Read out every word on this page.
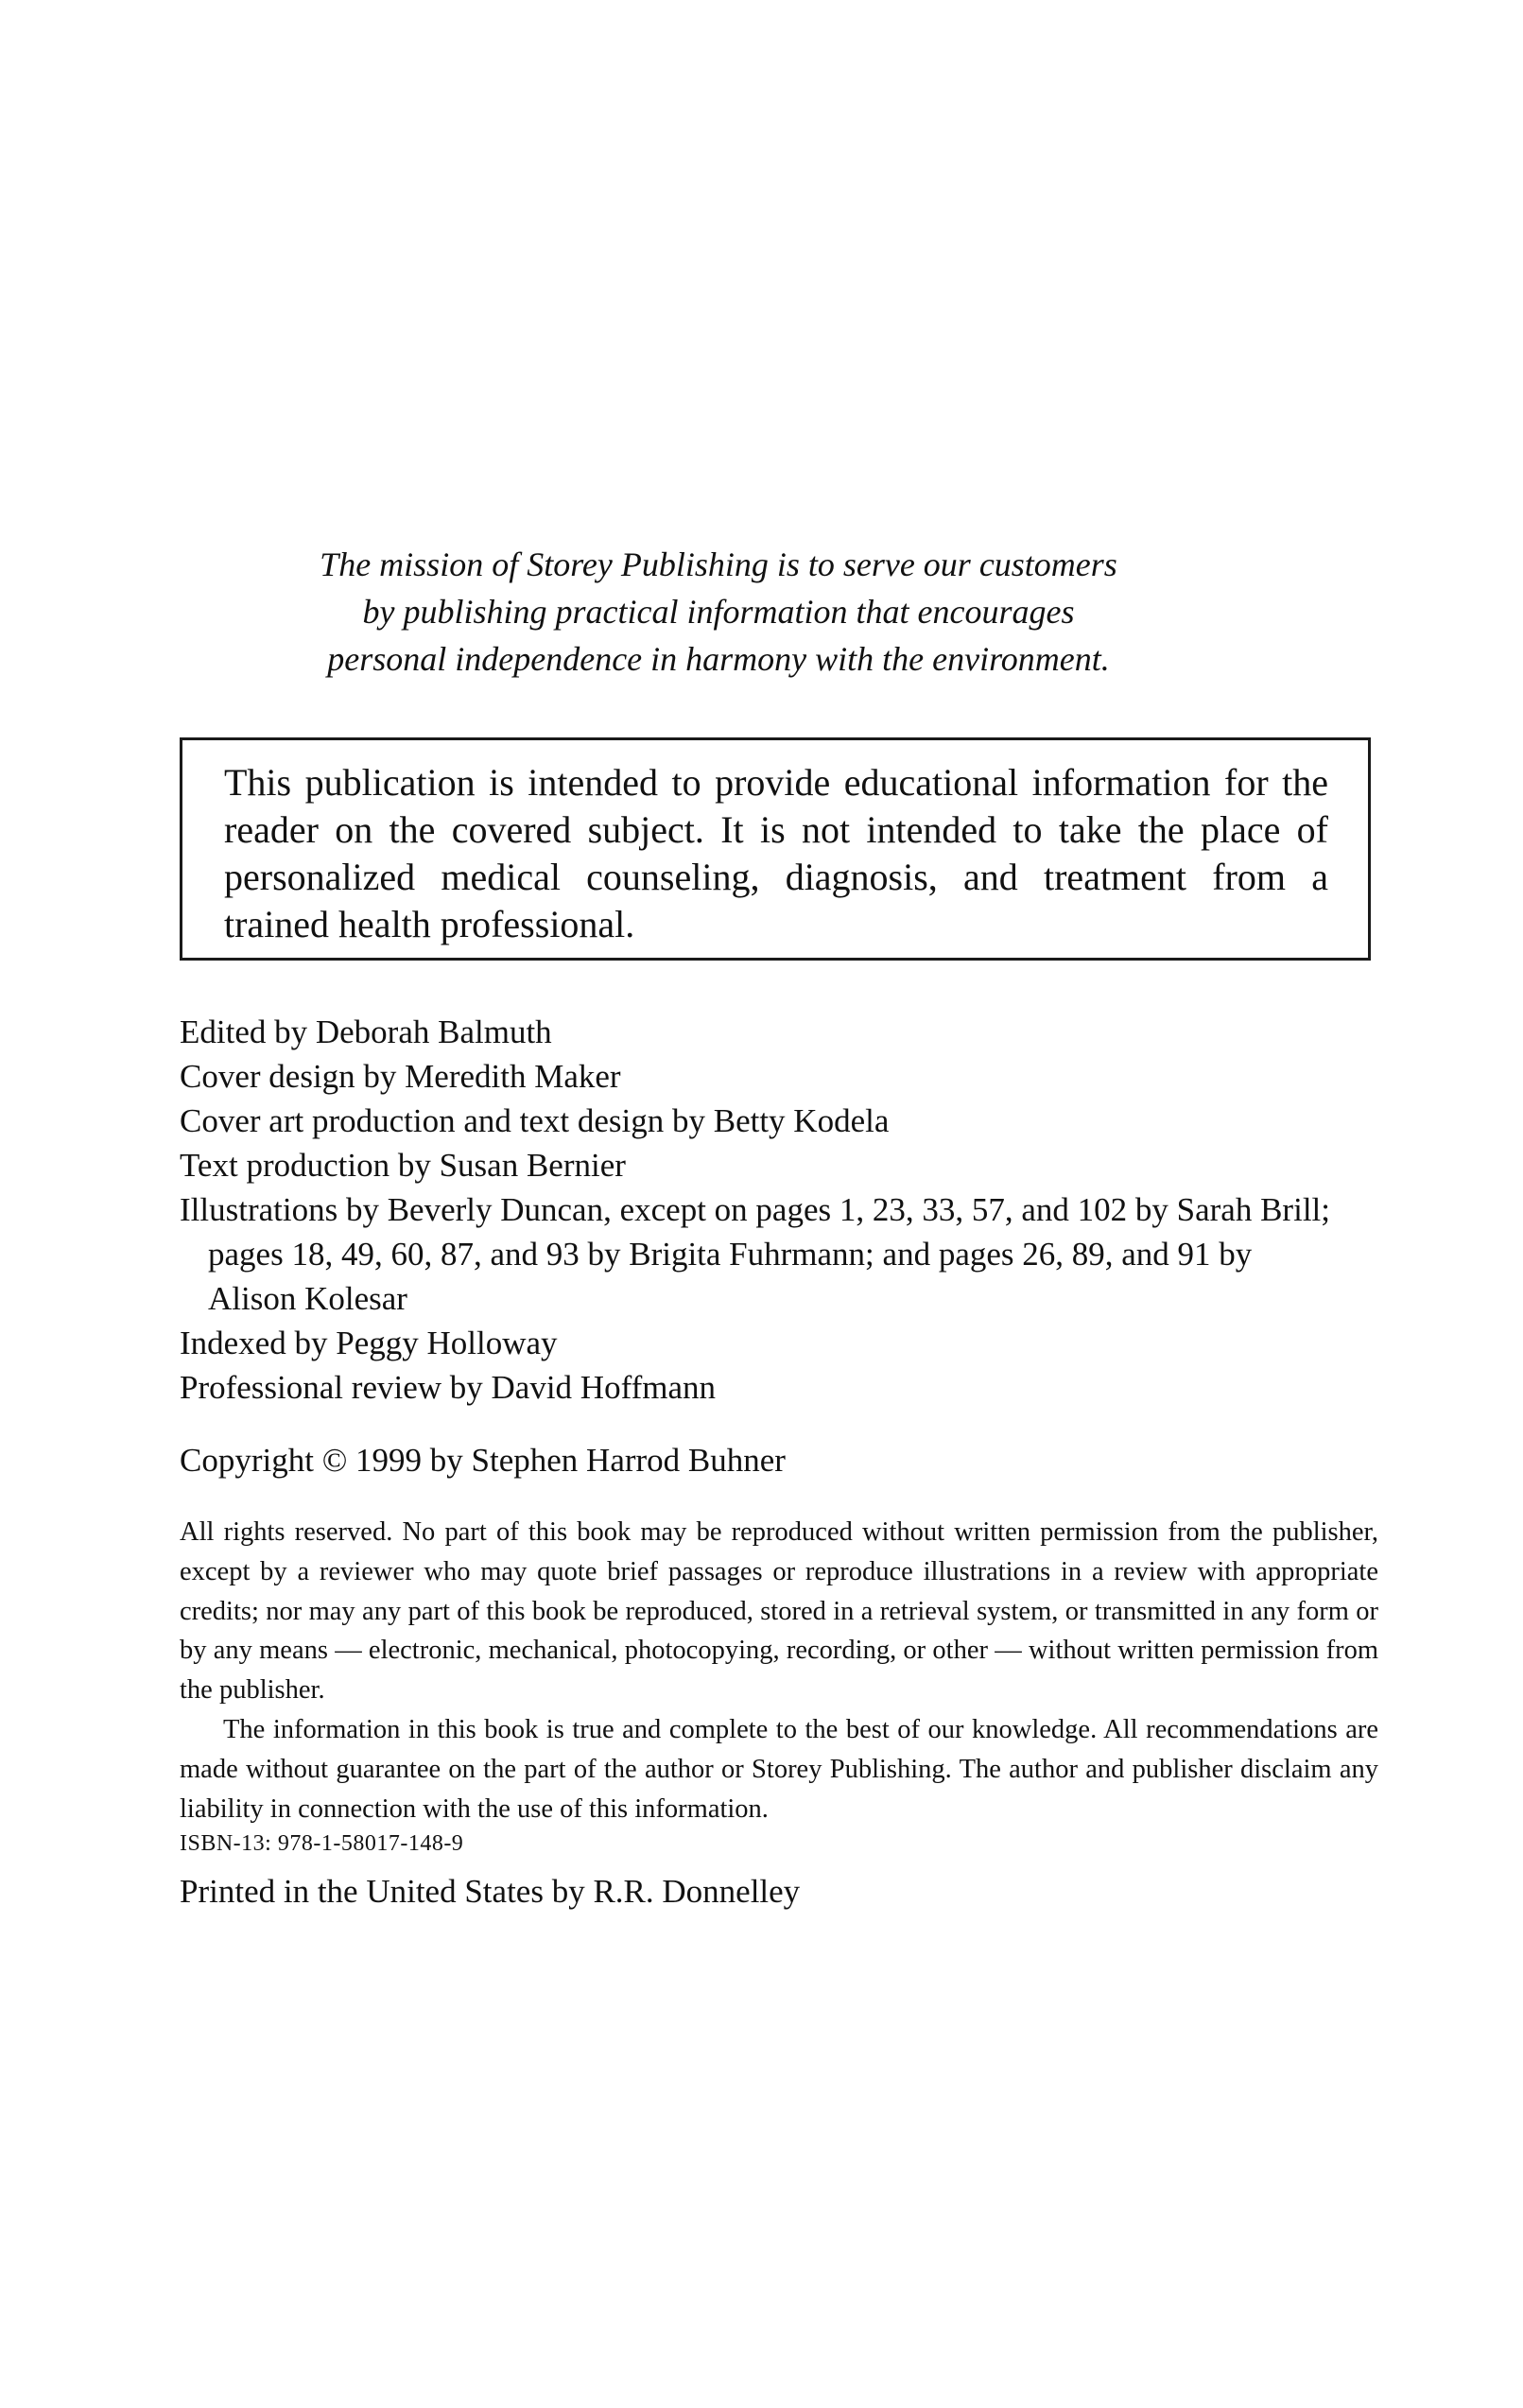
The mission of Storey Publishing is to serve our customers
by publishing practical information that encourages
personal independence in harmony with the environment.
This publication is intended to provide educational information for the reader on the covered subject. It is not intended to take the place of personalized medical counseling, diagnosis, and treatment from a trained health professional.
Edited by Deborah Balmuth
Cover design by Meredith Maker
Cover art production and text design by Betty Kodela
Text production by Susan Bernier
Illustrations by Beverly Duncan, except on pages 1, 23, 33, 57, and 102 by Sarah Brill;
pages 18, 49, 60, 87, and 93 by Brigita Fuhrmann; and pages 26, 89, and 91 by
Alison Kolesar
Indexed by Peggy Holloway
Professional review by David Hoffmann
Copyright © 1999 by Stephen Harrod Buhner

All rights reserved. No part of this book may be reproduced without written permission from the publisher, except by a reviewer who may quote brief passages or reproduce illustrations in a review with appropriate credits; nor may any part of this book be reproduced, stored in a retrieval system, or transmitted in any form or by any means — electronic, mechanical, photocopying, recording, or other — without written permission from the publisher.

The information in this book is true and complete to the best of our knowledge. All recommendations are made without guarantee on the part of the author or Storey Publishing. The author and publisher disclaim any liability in connection with the use of this information.

ISBN-13: 978-1-58017-148-9
Printed in the United States by R.R. Donnelley
